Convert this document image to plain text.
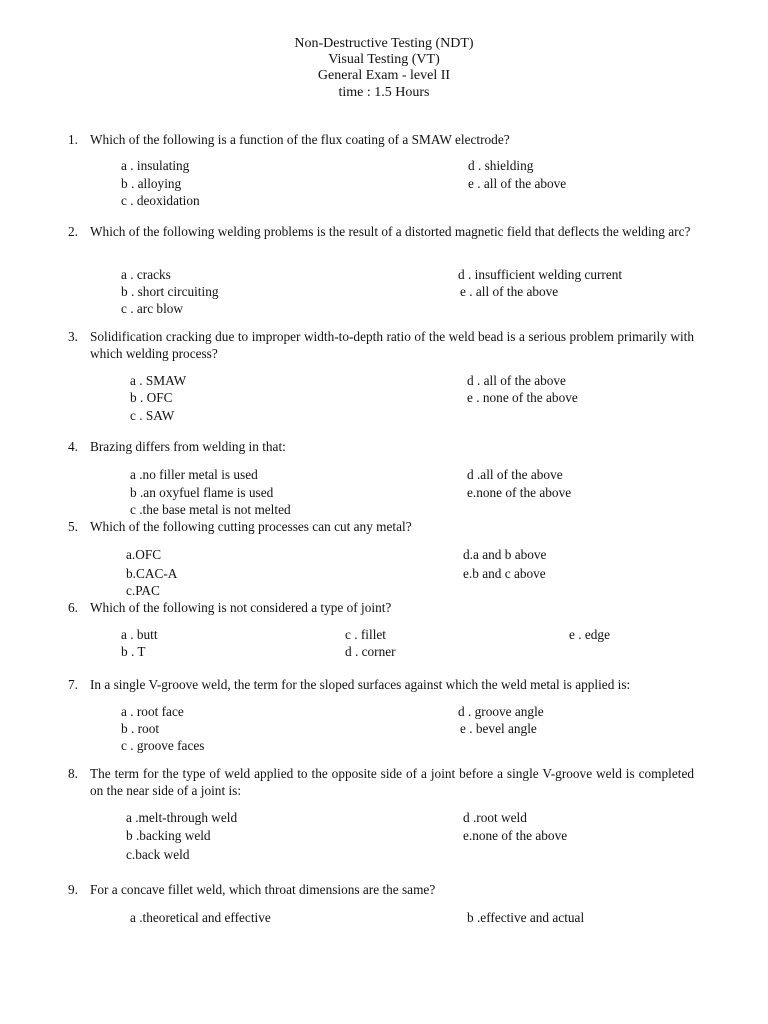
Non-Destructive Testing (NDT)
Visual Testing (VT)
General Exam - level II
time : 1.5 Hours
1. Which of the following is a function of the flux coating of a SMAW electrode?
a . insulating
b . alloying
c . deoxidation
d . shielding
e . all of the above
2. Which of the following welding problems is the result of a distorted magnetic field that deflects the welding arc?
a . cracks
b . short circuiting
c . arc blow
d . insufficient welding current
e . all of the above
3. Solidification cracking due to improper width-to-depth ratio of the weld bead is a serious problem primarily with which welding process?
a . SMAW
b . OFC
c . SAW
d . all of the above
e . none of the above
4. Brazing differs from welding in that:
a .no filler metal is used
b .an oxyfuel flame is used
c .the base metal is not melted
d .all of the above
e.none of the above
5. Which of the following cutting processes can cut any metal?
a.OFC
b.CAC-A
c.PAC
d.a and b above
e.b and c above
6. Which of the following is not considered a type of joint?
a . butt
b . T
c . fillet
d . corner
e . edge
7. In a single V-groove weld, the term for the sloped surfaces against which the weld metal is applied is:
a . root face
b . root
c . groove faces
d . groove angle
e . bevel angle
8. The term for the type of weld applied to the opposite side of a joint before a single V-groove weld is completed on the near side of a joint is:
a .melt-through weld
b .backing weld
c.back weld
d .root weld
e.none of the above
9. For a concave fillet weld, which throat dimensions are the same?
a .theoretical and effective	b .effective and actual
